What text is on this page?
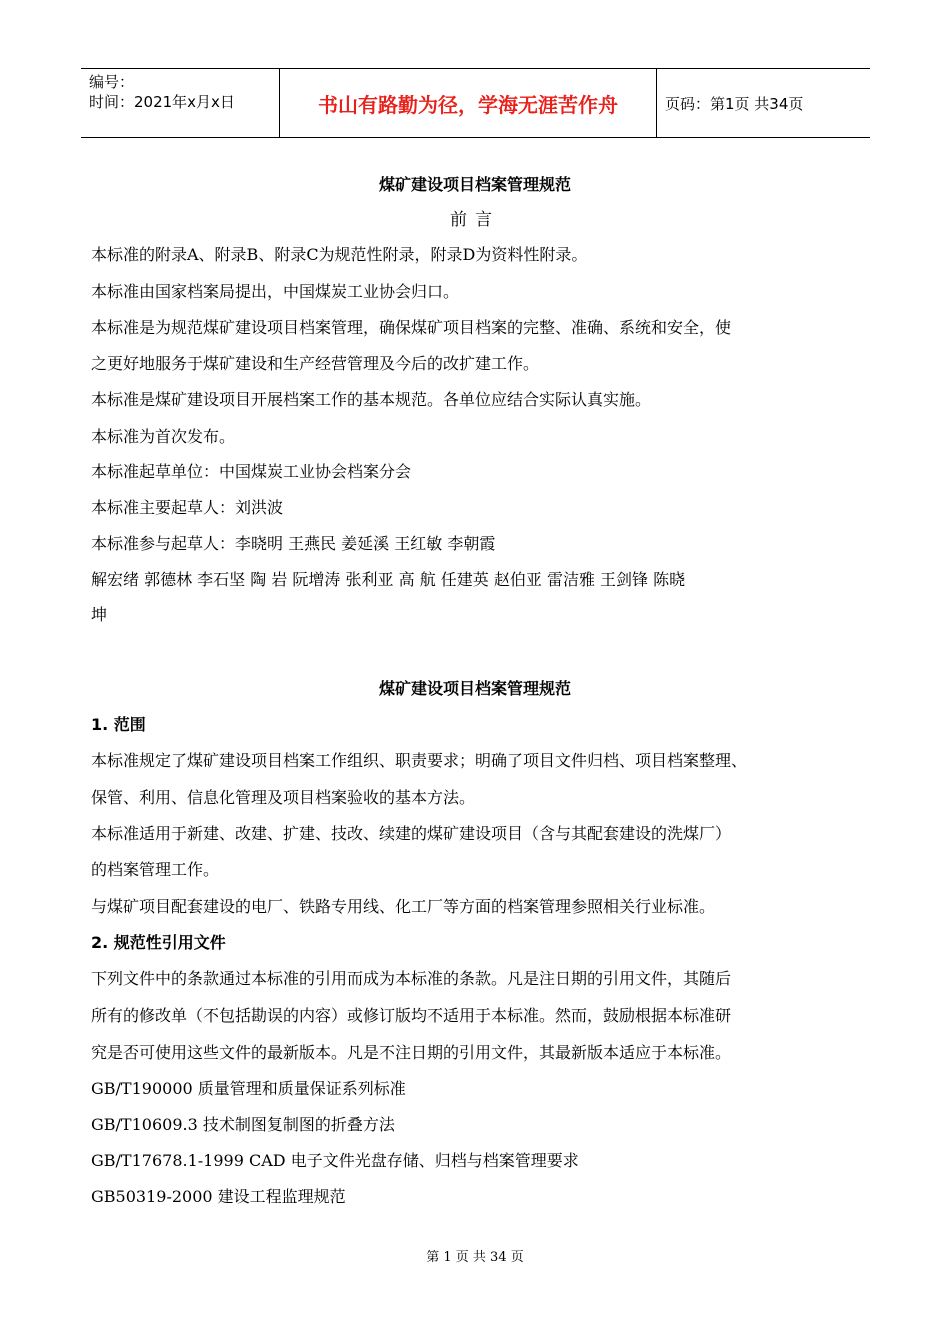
编号：
时间：2021年x月x日	书山有路勤为径，学海无涯苦作舟	页码：第1页 共34页
煤矿建设项目档案管理规范
前言
本标准的附录A、附录B、附录C为规范性附录，附录D为资料性附录。
本标准由国家档案局提出，中国煤炭工业协会归口。
本标准是为规范煤矿建设项目档案管理，确保煤矿项目档案的完整、准确、系统和安全，使
之更好地服务于煤矿建设和生产经营管理及今后的改扩建工作。
本标准是煤矿建设项目开展档案工作的基本规范。各单位应结合实际认真实施。
本标准为首次发布。
本标准起草单位：中国煤炭工业协会档案分会
本标准主要起草人：刘洪波
本标准参与起草人：李晓明 王燕民 姜延溪 王红敏 李朝霞
解宏绪 郭德林 李石坚 陶 岩 阮增涛 张利亚 高 航 任建英 赵伯亚 雷洁雅 王剑锋 陈晓
坤
煤矿建设项目档案管理规范
1. 范围
本标准规定了煤矿建设项目档案工作组织、职责要求；明确了项目文件归档、项目档案整理、
保管、利用、信息化管理及项目档案验收的基本方法。
本标准适用于新建、改建、扩建、技改、续建的煤矿建设项目（含与其配套建设的洗煤厂）
的档案管理工作。
与煤矿项目配套建设的电厂、铁路专用线、化工厂等方面的档案管理参照相关行业标准。
2. 规范性引用文件
下列文件中的条款通过本标准的引用而成为本标准的条款。凡是注日期的引用文件，其随后
所有的修改单（不包括勘误的内容）或修订版均不适用于本标准。然而，鼓励根据本标准研
究是否可使用这些文件的最新版本。凡是不注日期的引用文件，其最新版本适应于本标准。
GB/T190000 质量管理和质量保证系列标准
GB/T10609.3 技术制图复制图的折叠方法
GB/T17678.1-1999 CAD 电子文件光盘存储、归档与档案管理要求
GB50319-2000 建设工程监理规范
第 1 页 共 34 页
